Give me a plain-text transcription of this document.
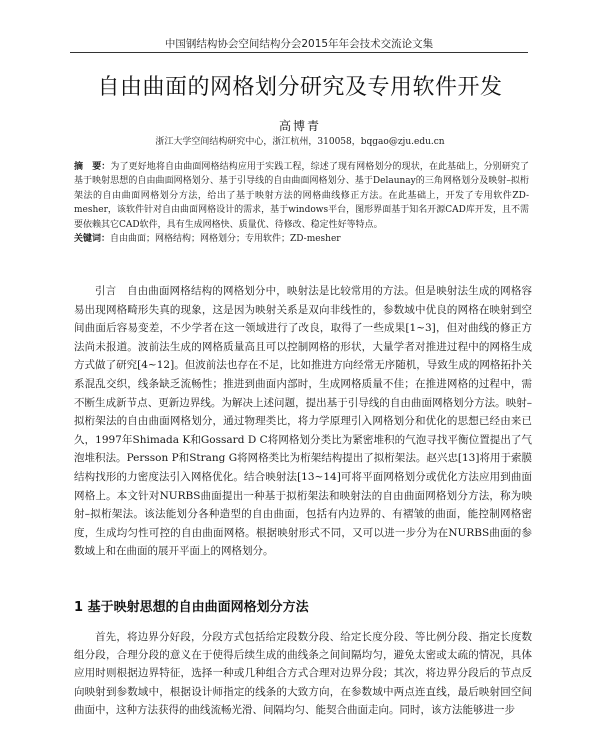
中国钢结构协会空间结构分会2015年年会技术交流论文集
自由曲面的网格划分研究及专用软件开发
高博青
浙江大学空间结构研究中心，浙江杭州，310058，bqgao@zju.edu.cn
摘　要：为了更好地将自由曲面网格结构应用于实践工程，综述了现有网格划分的现状，在此基础上，分别研究了基于映射思想的自由曲面网格划分、基于引导线的自由曲面网格划分、基于Delaunay的三角网格划分及映射–拟桁架法的自由曲面网格划分方法，给出了基于映射方法的网格曲线修正方法。在此基础上，开发了专用软件ZD-mesher，该软件针对自由曲面网格设计的需求，基于windows平台，图形界面基于知名开源CAD库开发，且不需要依赖其它CAD软件，具有生成网格快、质量优、待修改、稳定性好等特点。
关键词：自由曲面；网格结构；网格划分；专用软件；ZD-mesher
引言　自由曲面网格结构的网格划分中，映射法是比较常用的方法。但是映射法生成的网格容易出现网格畸形失真的现象，这是因为映射关系是双向非线性的，参数域中优良的网格在映射到空间曲面后容易变差，不少学者在这一领域进行了改良，取得了一些成果[1~3]，但对曲线的修正方法尚未报道。波前法生成的网格质量高且可以控制网格的形状，大量学者对推进过程中的网格生成方式做了研究[4~12]。但波前法也存在不足，比如推进方向经常无序随机，导致生成的网格拓扑关系混乱交织，线条缺乏流畅性；推进到曲面内部时，生成网格质量不佳；在推进网格的过程中，需不断生成新节点、更新边界线。为解决上述问题，提出基于引导线的自由曲面网格划分方法。映射–拟桁架法的自由曲面网格划分，通过物理类比，将力学原理引入网格划分和优化的思想已经由来已久，1997年Shimada K和Gossard D C将网格划分类比为紧密堆积的气泡寻找平衡位置提出了气泡堆积法。Persson P和Strang G将网格类比为桁架结构提出了拟桁架法。赵兴忠[13]将用于索膜结构找形的力密度法引入网格优化。结合映射法[13~14]可将平面网格划分或优化方法应用到曲面网格上。本文针对NURBS曲面提出一种基于拟桁架法和映射法的自由曲面网格划分方法，称为映射–拟桁架法。该法能划分各种造型的自由曲面，包括有内边界的、有褶皱的曲面，能控制网格密度，生成均匀性可控的自由曲面网格。根据映射形式不同，又可以进一步分为在NURBS曲面的参数域上和在曲面的展开平面上的网格划分。
1 基于映射思想的自由曲面网格划分方法
首先，将边界分好段，分段方式包括给定段数分段、给定长度分段、等比例分段、指定长度数组分段，合理分段的意义在于使得后续生成的曲线条之间间隔均匀，避免太密或太疏的情况，具体应用时则根据边界特征，选择一种或几种组合方式合理对边界分段；其次，将边界分段后的节点反向映射到参数域中，根据设计师指定的线条的大致方向，在参数域中两点连直线，最后映射回空间曲面中，这种方法获得的曲线流畅光滑、间隔均匀、能契合曲面走向。同时，该方法能够进一步
